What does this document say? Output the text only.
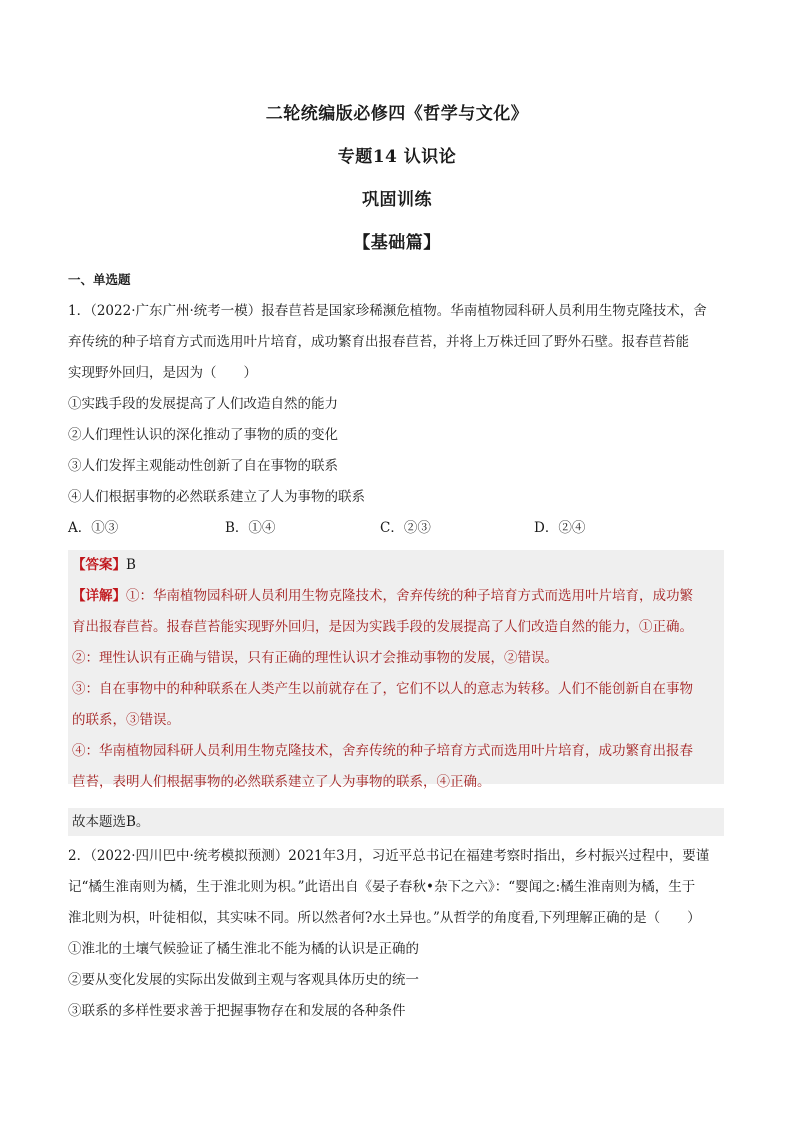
二轮统编版必修四《哲学与文化》
专题14 认识论
巩固训练
【基础篇】
一、单选题
1．（2022·广东广州·统考一模）报春苣苔是国家珍稀濒危植物。华南植物园科研人员利用生物克隆技术，舍
弃传统的种子培育方式而选用叶片培育，成功繁育出报春苣苔，并将上万株迁回了野外石壁。报春苣苔能
实现野外回归，是因为（　　）
①实践手段的发展提高了人们改造自然的能力
②人们理性认识的深化推动了事物的质的变化
③人们发挥主观能动性创新了自在事物的联系
④人们根据事物的必然联系建立了人为事物的联系
A．①③	B．①④	C．②③	D．②④
【答案】B
【详解】①：华南植物园科研人员利用生物克隆技术，舍弃传统的种子培育方式而选用叶片培育，成功繁
育出报春苣苔。报春苣苔能实现野外回归，是因为实践手段的发展提高了人们改造自然的能力，①正确。
②：理性认识有正确与错误，只有正确的理性认识才会推动事物的发展，②错误。
③：自在事物中的种种联系在人类产生以前就存在了，它们不以人的意志为转移。人们不能创新自在事物
的联系，③错误。
④：华南植物园科研人员利用生物克隆技术，舍弃传统的种子培育方式而选用叶片培育，成功繁育出报春
苣苔，表明人们根据事物的必然联系建立了人为事物的联系，④正确。
故本题选B。
2．（2022·四川巴中·统考模拟预测）2021年3月，习近平总书记在福建考察时指出，乡村振兴过程中，要谨
记“橘生淮南则为橘，生于淮北则为枳。”此语出自《晏子春秋•杂下之六》：“婴闻之:橘生淮南则为橘，生于
淮北则为枳，叶徒相似，其实味不同。所以然者何?水土异也。”从哲学的角度看,下列理解正确的是（　　）
①淮北的土壤气候验证了橘生淮北不能为橘的认识是正确的
②要从变化发展的实际出发做到主观与客观具体历史的统一
③联系的多样性要求善于把握事物存在和发展的各种条件
